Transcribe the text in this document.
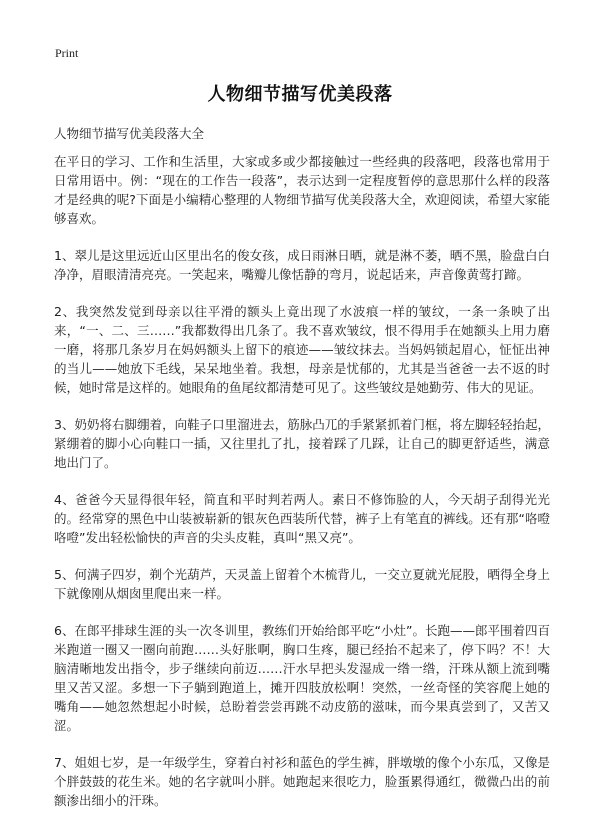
Print
人物细节描写优美段落
人物细节描写优美段落大全

在平日的学习、工作和生活里，大家或多或少都接触过一些经典的段落吧，段落也常用于日常用语中。例：“现在的工作告一段落”，表示达到一定程度暂停的意思那什么样的段落才是经典的呢?下面是小编精心整理的人物细节描写优美段落大全，欢迎阅读，希望大家能够喜欢。

1、翠儿是这里远近山区里出名的俊女孩，成日雨淋日晒，就是淋不萎，晒不黑，脸盘白白净净，眉眼清清亮亮。一笑起来，嘴瓣儿像恬静的弯月，说起话来，声音像黄莺打蹄。

2、我突然发觉到母亲以往平滑的额头上竟出现了水波痕一样的皱纹，一条一条映了出来，“一、二、三……”我都数得出几条了。我不喜欢皱纹，恨不得用手在她额头上用力磨一磨，将那几条岁月在妈妈额头上留下的痕迹——皱纹抹去。当妈妈锁起眉心，怔怔出神的当儿——她放下毛线，呆呆地坐着。我想，母亲是忧郁的，尤其是当爸爸一去不返的时候，她时常是这样的。她眼角的鱼尾纹都清楚可见了。这些皱纹是她勤劳、伟大的见证。

3、奶奶将右脚绷着，向鞋子口里溜进去，筋脉凸兀的手紧紧抓着门框，将左脚轻轻抬起，紧绷着的脚小心向鞋口一插，又往里扎了扎，接着踩了几踩，让自己的脚更舒适些，满意地出门了。

4、爸爸今天显得很年轻，简直和平时判若两人。素日不修饰脸的人，今天胡子刮得光光的。经常穿的黑色中山装被崭新的银灰色西装所代替，裤子上有笔直的裤线。还有那“咯噔咯噔”发出轻松愉快的声音的尖头皮鞋，真叫“黑又亮”。

5、何满子四岁，剃个光葫芦，天灵盖上留着个木梳背儿，一交立夏就光屁股，晒得全身上下就像刚从烟囱里爬出来一样。

6、在郎平排球生涯的头一次冬训里，教练们开始给郎平吃“小灶”。长跑——郎平围着四百米跑道一圈又一圈向前跑……头好胀啊，胸口生疼，腿已经抬不起来了，停下吗？不！大脑清晰地发出指令，步子继续向前迈……汗水早把头发湿成一绺一绺，汗珠从额上流到嘴里又苦又涩。多想一下子躺到跑道上，摊开四肢放松啊！突然，一丝奇怪的笑容爬上她的嘴角——她忽然想起小时候，总盼着尝尝再跳不动皮筋的滋味，而今果真尝到了，又苦又涩。

7、姐姐七岁，是一年级学生，穿着白衬衫和蓝色的学生裤，胖墩墩的像个小东瓜，又像是个胖鼓鼓的花生米。她的名字就叫小胖。她跑起来很吃力，脸蛋累得通红，微微凸出的前额渗出细小的汗珠。
